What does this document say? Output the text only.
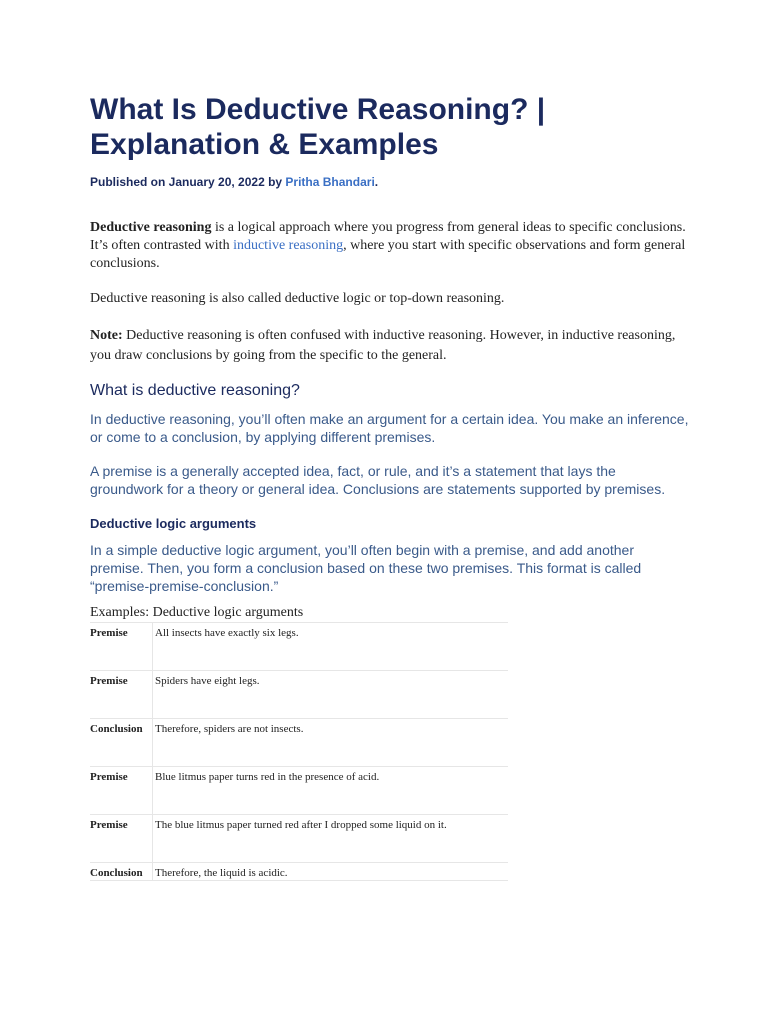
What Is Deductive Reasoning? |
Explanation & Examples
Published on January 20, 2022 by Pritha Bhandari.
Deductive reasoning is a logical approach where you progress from general ideas to specific conclusions. It’s often contrasted with inductive reasoning, where you start with specific observations and form general conclusions.
Deductive reasoning is also called deductive logic or top-down reasoning.
Note: Deductive reasoning is often confused with inductive reasoning. However, in inductive reasoning, you draw conclusions by going from the specific to the general.
What is deductive reasoning?
In deductive reasoning, you’ll often make an argument for a certain idea. You make an inference, or come to a conclusion, by applying different premises.
A premise is a generally accepted idea, fact, or rule, and it’s a statement that lays the groundwork for a theory or general idea. Conclusions are statements supported by premises.
Deductive logic arguments
In a simple deductive logic argument, you’ll often begin with a premise, and add another premise. Then, you form a conclusion based on these two premises. This format is called “premise-premise-conclusion.”
Examples: Deductive logic arguments
Premise	All insects have exactly six legs.
Premise	Spiders have eight legs.
Conclusion	Therefore, spiders are not insects.
Premise	Blue litmus paper turns red in the presence of acid.
Premise	The blue litmus paper turned red after I dropped some liquid on it.
Conclusion	Therefore, the liquid is acidic.
